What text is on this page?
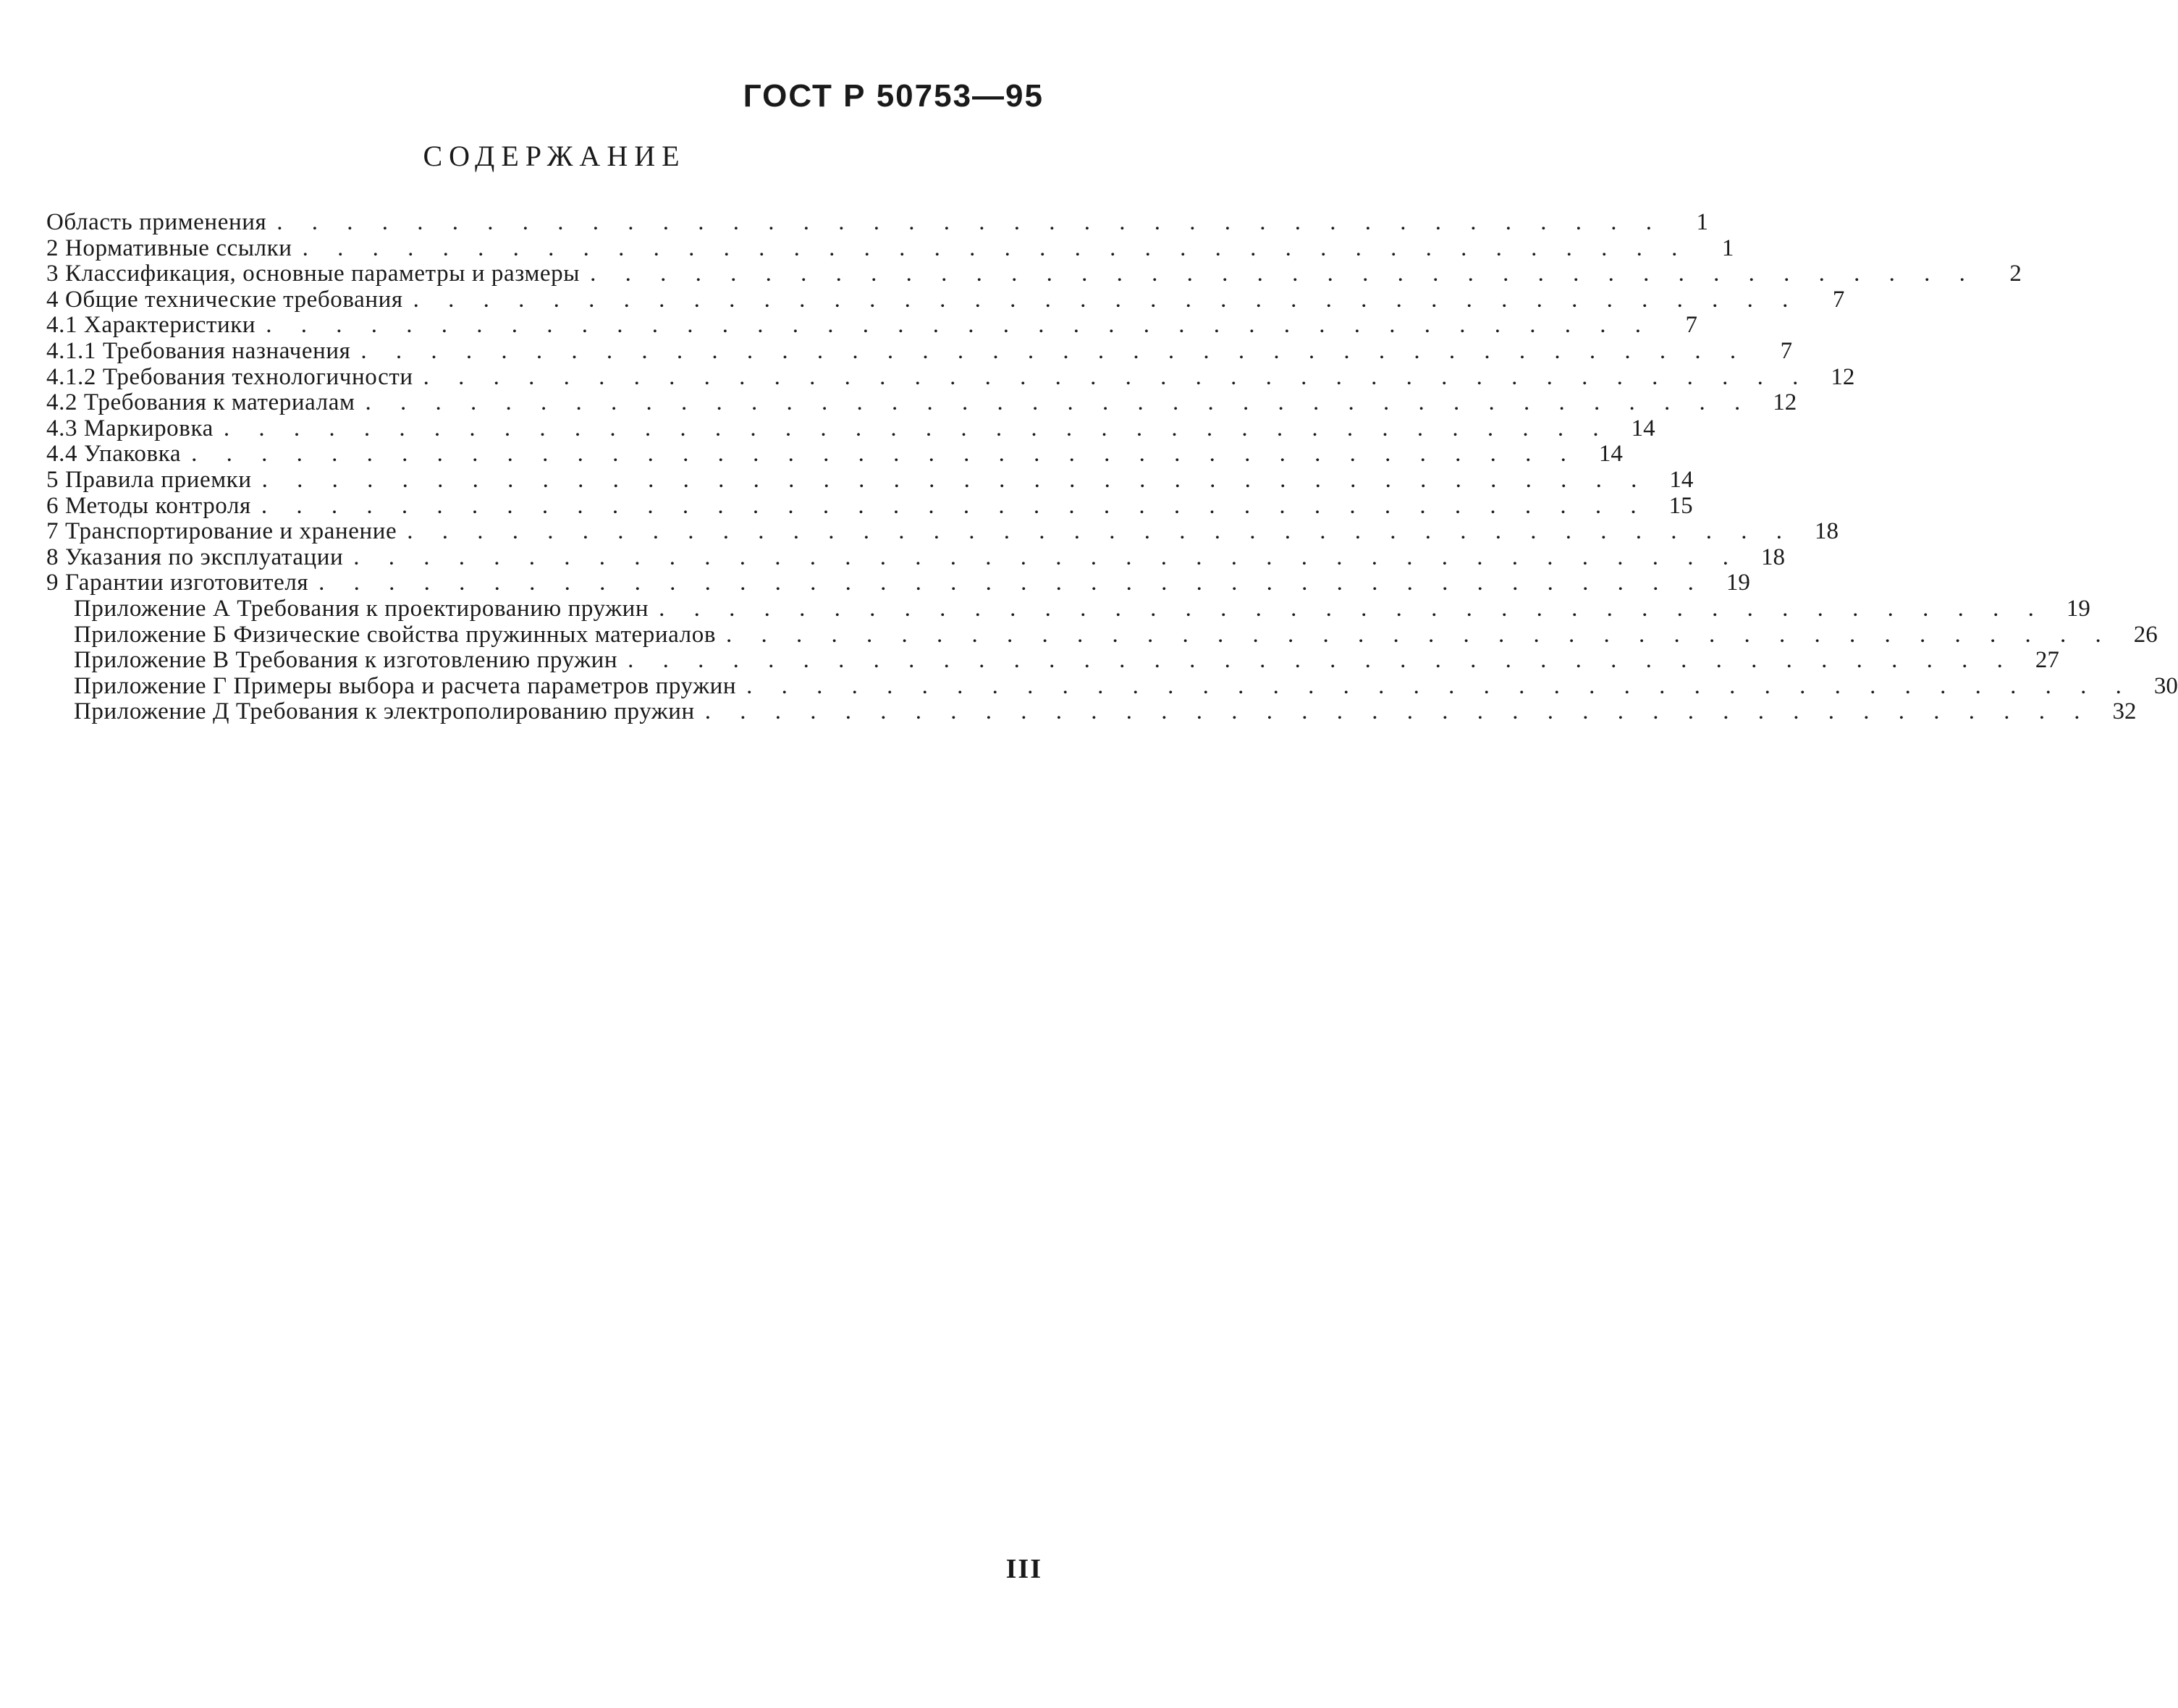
ГОСТ Р 50753—95
СОДЕРЖАНИЕ
Область применения . . . . . . . . . . . . . . . . . . . . . . . . . . . . . . . . . . . . . . . .	1
2 Нормативные ссылки . . . . . . . . . . . . . . . . . . . . . . . . . . . . . . . . . . . . . . . .	1
3 Классификация, основные параметры и размеры . . . . . . . . . . . . . . . . . . . . . . . . . . . . . . . . . . . . . . . .	2
4 Общие технические требования . . . . . . . . . . . . . . . . . . . . . . . . . . . . . . . . . . . . . . . .	7
4.1 Характеристики . . . . . . . . . . . . . . . . . . . . . . . . . . . . . . . . . . . . . . . .	7
4.1.1 Требования назначения . . . . . . . . . . . . . . . . . . . . . . . . . . . . . . . . . . . . . . . .	7
4.1.2 Требования технологичности . . . . . . . . . . . . . . . . . . . . . . . . . . . . . . . . . . . . . . . . 12
4.2 Требования к материалам . . . . . . . . . . . . . . . . . . . . . . . . . . . . . . . . . . . . . . . . 12
4.3 Маркировка . . . . . . . . . . . . . . . . . . . . . . . . . . . . . . . . . . . . . . . . 14
4.4 Упаковка . . . . . . . . . . . . . . . . . . . . . . . . . . . . . . . . . . . . . . . . 14
5 Правила приемки . . . . . . . . . . . . . . . . . . . . . . . . . . . . . . . . . . . . . . . . 14
6 Методы контроля . . . . . . . . . . . . . . . . . . . . . . . . . . . . . . . . . . . . . . . . 15
7 Транспортирование и хранение . . . . . . . . . . . . . . . . . . . . . . . . . . . . . . . . . . . . . . . . 18
8 Указания по эксплуатации . . . . . . . . . . . . . . . . . . . . . . . . . . . . . . . . . . . . . . . . 18
9 Гарантии изготовителя . . . . . . . . . . . . . . . . . . . . . . . . . . . . . . . . . . . . . . . . 19
Приложение А Требования к проектированию пружин . . . . . . . . . . . . . . . . . . . . . . . . . . . . . . . . . . . . . . . . 19
Приложение Б Физические свойства пружинных материалов . . . . . . . . . . . . . . . . . . . . . . . . . . . . . . . . . . . . . . . . 26
Приложение В Требования к изготовлению пружин . . . . . . . . . . . . . . . . . . . . . . . . . . . . . . . . . . . . . . . . 27
Приложение Г Примеры выбора и расчета параметров пружин . . . . . . . . . . . . . . . . . . . . . . . . . . . . . . . . . . . . . . . . 30
Приложение Д Требования к электрополированию пружин . . . . . . . . . . . . . . . . . . . . . . . . . . . . . . . . . . . . . . . . 32
III
